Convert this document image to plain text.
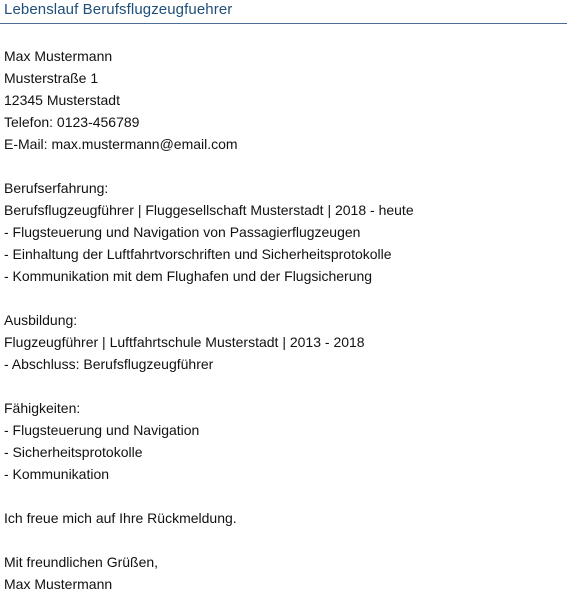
Lebenslauf Berufsflugzeugfuehrer
Max Mustermann
Musterstraße 1
12345 Musterstadt
Telefon: 0123-456789
E-Mail: max.mustermann@email.com
Berufserfahrung:
Berufsflugzeugführer | Fluggesellschaft Musterstadt | 2018 - heute
- Flugsteuerung und Navigation von Passagierflugzeugen
- Einhaltung der Luftfahrtvorschriften und Sicherheitsprotokolle
- Kommunikation mit dem Flughafen und der Flugsicherung
Ausbildung:
Flugzeugführer | Luftfahrtschule Musterstadt | 2013 - 2018
- Abschluss: Berufsflugzeugführer
Fähigkeiten:
- Flugsteuerung und Navigation
- Sicherheitsprotokolle
- Kommunikation
Ich freue mich auf Ihre Rückmeldung.
Mit freundlichen Grüßen,
Max Mustermann
